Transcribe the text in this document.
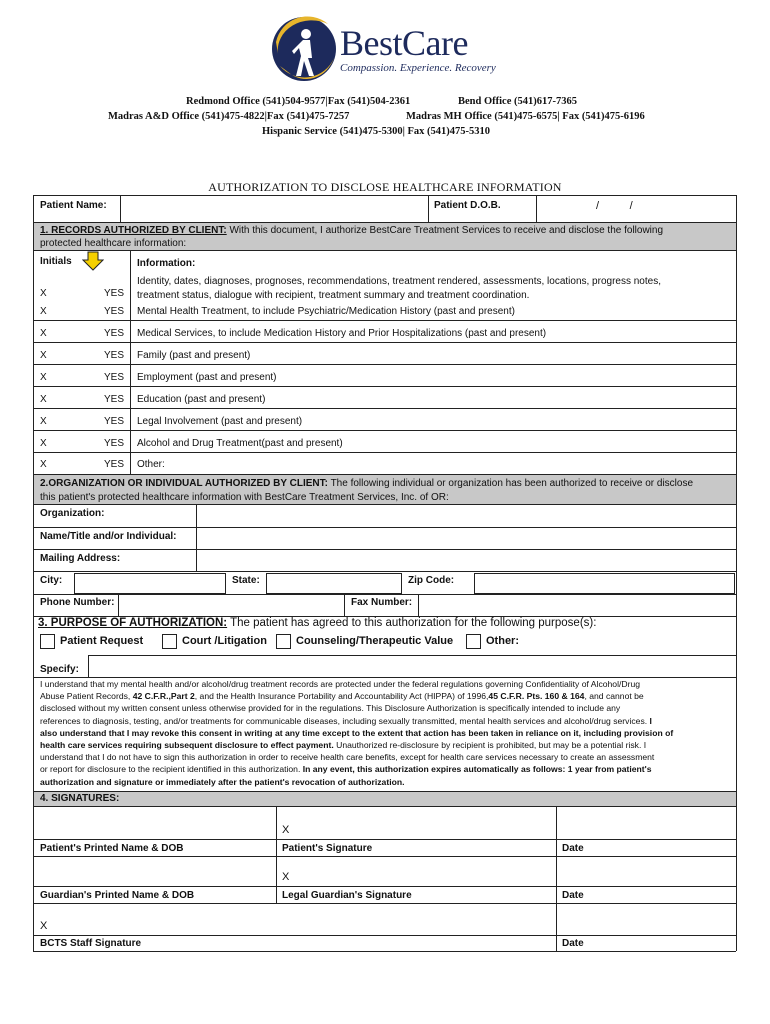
BestCare
Compassion. Experience. Recovery
Redmond Office (541)504-9577|Fax (541)504-2361	Bend Office (541)617-7365
Madras A&D Office (541)475-4822|Fax (541)475-7257	Madras MH Office (541)475-6575| Fax (541)475-6196
Hispanic Service (541)475-5300| Fax (541)475-5310
AUTHORIZATION TO DISCLOSE HEALTHCARE INFORMATION
Patient Name:	Patient D.O.B.	/          /
1. RECORDS AUTHORIZED BY CLIENT: With this document, I authorize BestCare Treatment Services to receive and disclose the following
protected healthcare information:
Initials	Information:
X	YES
Identity, dates, diagnoses, prognoses, recommendations, treatment rendered, assessments, locations, progress notes,
treatment status, dialogue with recipient, treatment summary and treatment coordination.
X	YES Mental Health Treatment, to include Psychiatric/Medication History (past and present)
X	YES Medical Services, to include Medication History and Prior Hospitalizations (past and present)
X	YES Family (past and present)
X	YES Employment (past and present)
X	YES Education (past and present)
X	YES Legal Involvement (past and present)
X	YES Alcohol and Drug Treatment(past and present)
X	YES Other:
2.ORGANIZATION OR INDIVIDUAL AUTHORIZED BY CLIENT: The following individual or organization has been authorized to receive or disclose
this patient's protected healthcare information with BestCare Treatment Services, Inc. of OR:
Organization:
Name/Title and/or Individual:
Mailing Address:
City:	State:	Zip Code:
Phone Number:	Fax Number:
3. PURPOSE OF AUTHORIZATION: The patient has agreed to this authorization for the following purpose(s):
Patient Request	Court /Litigation	Counseling/Therapeutic Value	Other:
Specify:
I understand that my mental health and/or alcohol/drug treatment records are protected under the federal regulations governing Confidentiality of Alcohol/Drug
Abuse Patient Records, 42 C.F.R.,Part 2, and the Health Insurance Portability and Accountability Act (HIPPA) of 1996,45 C.F.R. Pts. 160 & 164, and cannot be
disclosed without my written consent unless otherwise provided for in the regulations. This Disclosure Authorization is specifically intended to include any
references to diagnosis, testing, and/or treatments for communicable diseases, including sexually transmitted, mental health services and alcohol/drug services. I
also understand that I may revoke this consent in writing at any time except to the extent that action has been taken in reliance on it, including provision of
health care services requiring subsequent disclosure to effect payment. Unauthorized re-disclosure by recipient is prohibited, but may be a potential risk. I
understand that I do not have to sign this authorization in order to receive health care benefits, except for health care services necessary to create an assessment
or report for disclosure to the recipient identified in this authorization. In any event, this authorization expires automatically as follows: 1 year from patient's
authorization and signature or immediately after the patient's revocation of authorization.
4. SIGNATURES:
X
Patient's Printed Name & DOB	Patient's Signature	Date
X
Guardian's Printed Name & DOB	Legal Guardian's Signature	Date
X
BCTS Staff Signature	Date
